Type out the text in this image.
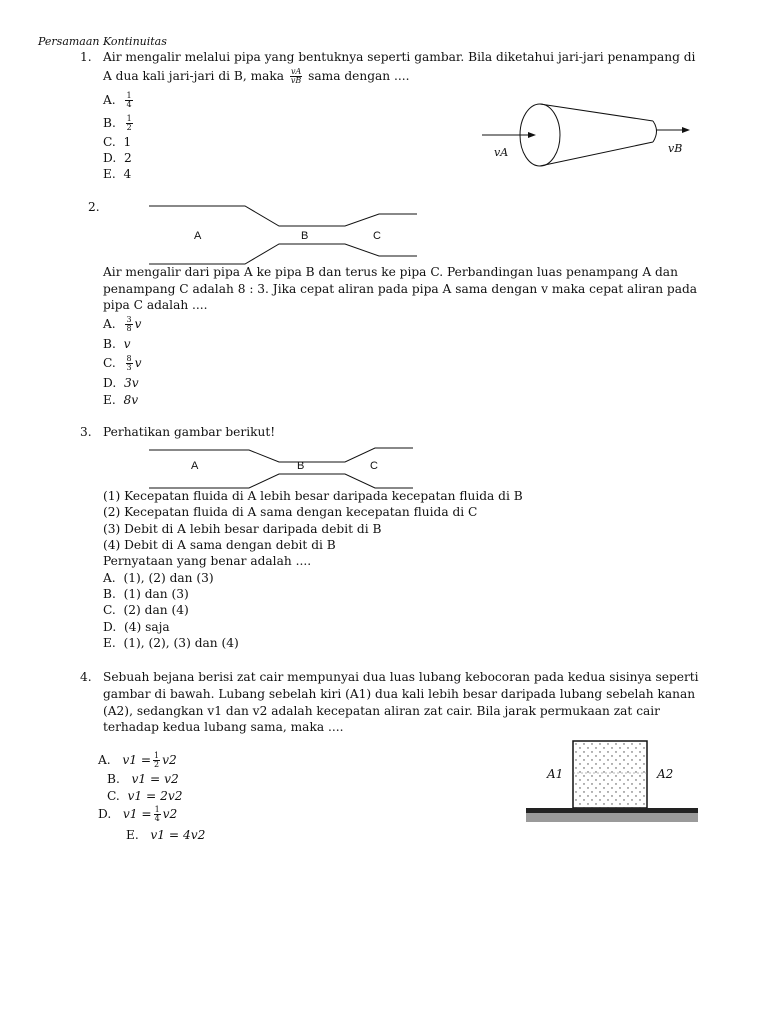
Persamaan Kontinuitas
1. Air mengalir melalui pipa yang bentuknya seperti gambar. Bila diketahui jari-jari penampang di
A dua kali jari-jari di B, maka $\frac{vA}{vB}$ sama dengan ....
A. $\frac{1}{4}$
B. $\frac{1}{2}$
C. 1
D. 2
E. 4
vA	vB
2.
A	B	C
Air mengalir dari pipa A ke pipa B dan terus ke pipa C. Perbandingan luas penampang A dan
penampang C adalah 8 : 3. Jika cepat aliran pada pipa A sama dengan v maka cepat aliran pada
pipa C adalah ....
A. $\frac{3}{8}$ v
B. v
C. $\frac{8}{3}$ v
D. 3v
E. 8v
3. Perhatikan gambar berikut!
A	B	C
(1) Kecepatan fluida di A lebih besar daripada kecepatan fluida di B
(2) Kecepatan fluida di A sama dengan kecepatan fluida di C
(3) Debit di A lebih besar daripada debit di B
(4) Debit di A sama dengan debit di B
Pernyataan yang benar adalah ....
A. (1), (2) dan (3)
B. (1) dan (3)
C. (2) dan (4)
D. (4) saja
E. (1), (2), (3) dan (4)
4. Sebuah bejana berisi zat cair mempunyai dua luas lubang kebocoran pada kedua sisinya seperti
gambar di bawah. Lubang sebelah kiri (A1) dua kali lebih besar daripada lubang sebelah kanan
(A2), sedangkan v1 dan v2 adalah kecepatan aliran zat cair. Bila jarak permukaan zat cair
terhadap kedua lubang sama, maka ....
A. $v1 = \frac{1}{2} v2$
B. v1 = v2
C. v1 = 2v2
D. $v1 = \frac{1}{4} v2$
E. v1 = 4v2
A1	A2
